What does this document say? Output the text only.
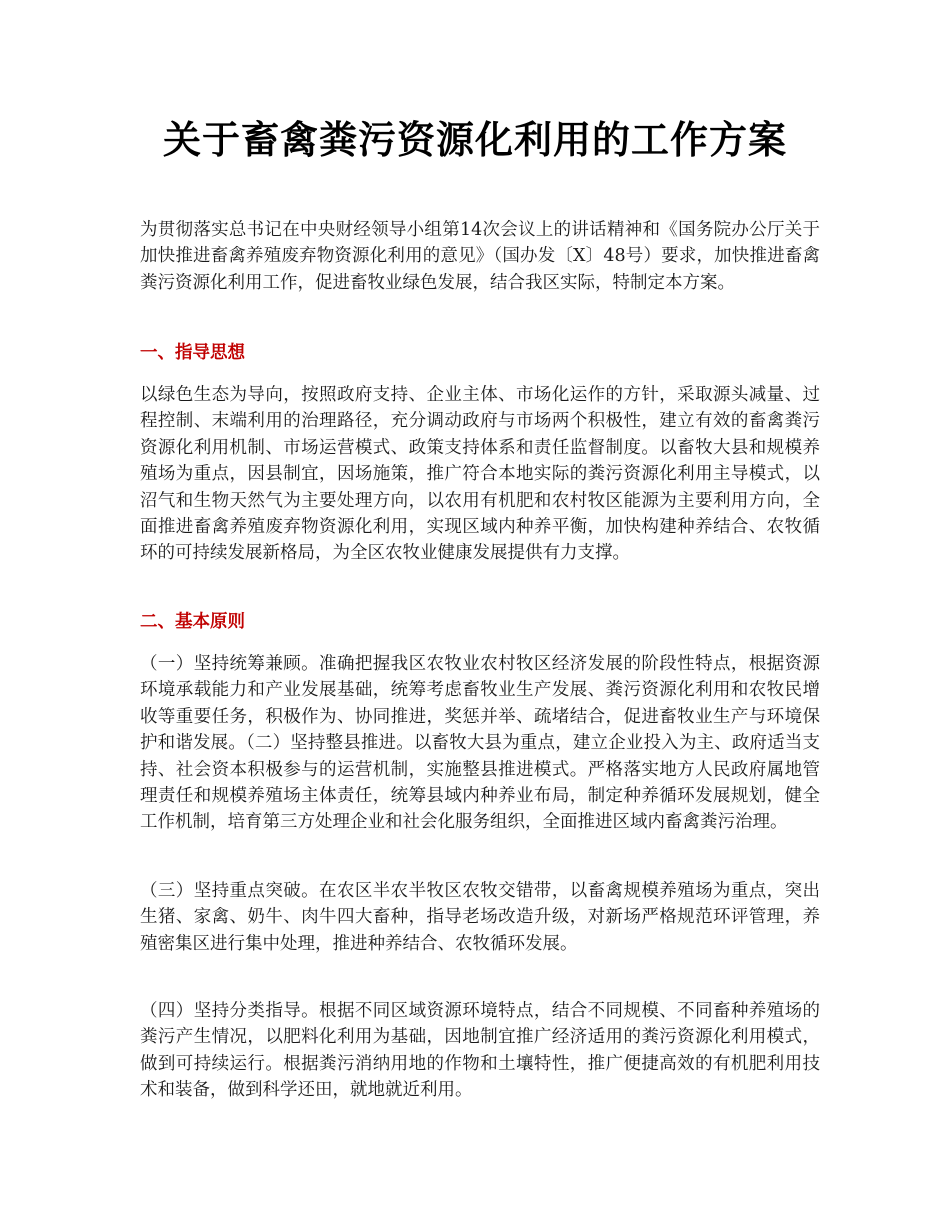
关于畜禽粪污资源化利用的工作方案

为贯彻落实总书记在中央财经领导小组第14次会议上的讲话精神和《国务院办公厅关于加快推进畜禽养殖废弃物资源化利用的意见》（国办发〔X〕48号）要求，加快推进畜禽粪污资源化利用工作，促进畜牧业绿色发展，结合我区实际，特制定本方案。

一、指导思想

以绿色生态为导向，按照政府支持、企业主体、市场化运作的方针，采取源头减量、过程控制、末端利用的治理路径，充分调动政府与市场两个积极性，建立有效的畜禽粪污资源化利用机制、市场运营模式、政策支持体系和责任监督制度。以畜牧大县和规模养殖场为重点，因县制宜，因场施策，推广符合本地实际的粪污资源化利用主导模式，以沼气和生物天然气为主要处理方向，以农用有机肥和农村牧区能源为主要利用方向，全面推进畜禽养殖废弃物资源化利用，实现区域内种养平衡，加快构建种养结合、农牧循环的可持续发展新格局，为全区农牧业健康发展提供有力支撑。

二、基本原则

（一）坚持统筹兼顾。准确把握我区农牧业农村牧区经济发展的阶段性特点，根据资源环境承载能力和产业发展基础，统筹考虑畜牧业生产发展、粪污资源化利用和农牧民增收等重要任务，积极作为、协同推进，奖惩并举、疏堵结合，促进畜牧业生产与环境保护和谐发展。（二）坚持整县推进。以畜牧大县为重点，建立企业投入为主、政府适当支持、社会资本积极参与的运营机制，实施整县推进模式。严格落实地方人民政府属地管理责任和规模养殖场主体责任，统筹县域内种养业布局，制定种养循环发展规划，健全工作机制，培育第三方处理企业和社会化服务组织，全面推进区域内畜禽粪污治理。

（三）坚持重点突破。在农区半农半牧区农牧交错带，以畜禽规模养殖场为重点，突出生猪、家禽、奶牛、肉牛四大畜种，指导老场改造升级，对新场严格规范环评管理，养殖密集区进行集中处理，推进种养结合、农牧循环发展。

（四）坚持分类指导。根据不同区域资源环境特点，结合不同规模、不同畜种养殖场的粪污产生情况，以肥料化利用为基础，因地制宜推广经济适用的粪污资源化利用模式，做到可持续运行。根据粪污消纳用地的作物和土壤特性，推广便捷高效的有机肥利用技术和装备，做到科学还田，就地就近利用。
